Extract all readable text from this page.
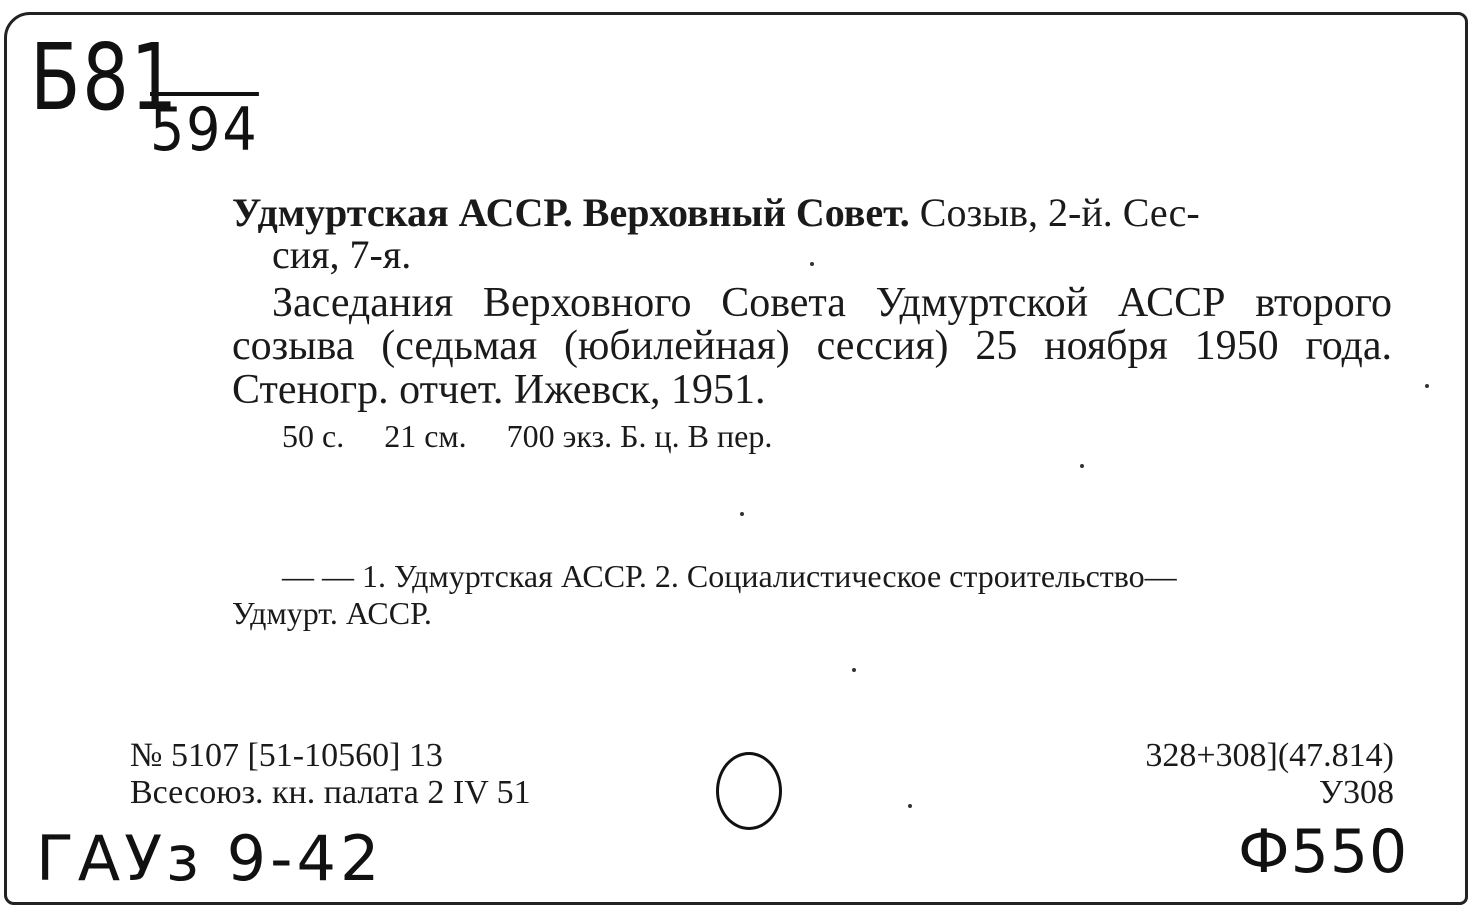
Б81
594
Удмуртская АССР. Верховный Совет. Созыв, 2-й. Сес-
сия, 7-я.
Заседания Верховного Совета Удмуртской АССР второго созыва (седьмая (юбилейная) сессия) 25 ноября 1950 года. Стеногр. отчет. Ижевск, 1951.
50 с.     21 см.     700 экз. Б. ц. В пер.
— — 1. Удмуртская АССР. 2. Социалистическое строительство—
Удмурт. АССР.
№ 5107 [51-10560] 13
Всесоюз. кн. палата 2 IV 51
328+308](47.814)
У308
ГАУз 9-42	Ф550
